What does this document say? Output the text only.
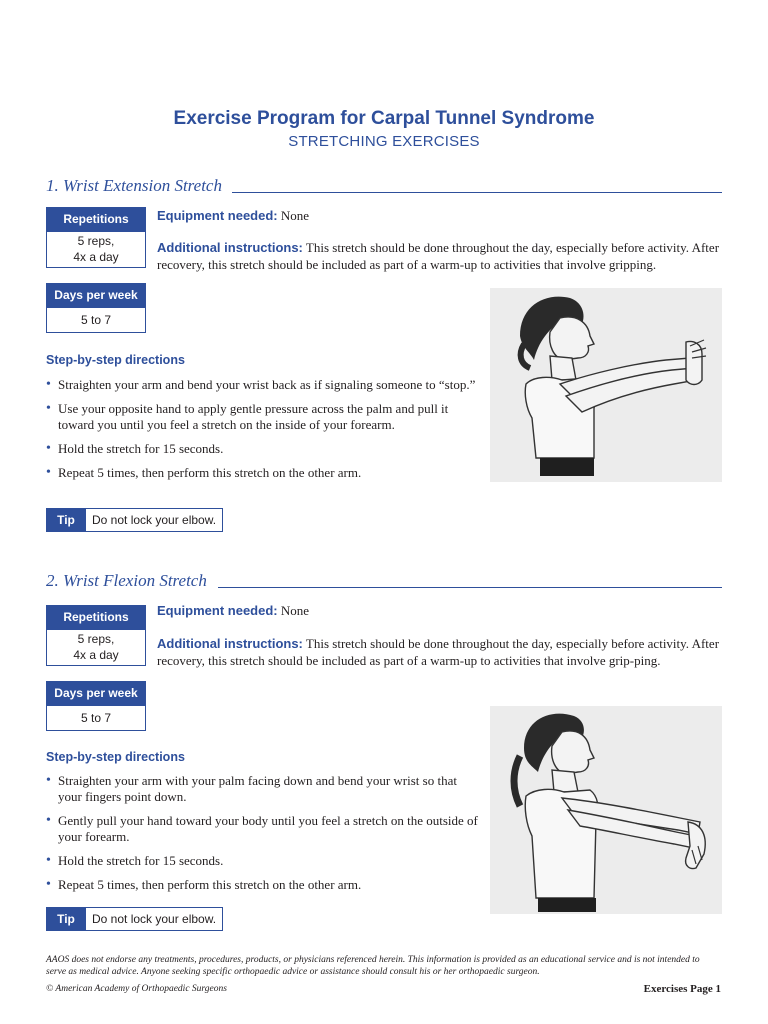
Exercise Program for Carpal Tunnel Syndrome
STRETCHING EXERCISES
1. Wrist Extension Stretch
Repetitions
5 reps,
4x a day
Days per week
5 to 7

Equipment needed: None

Additional instructions: This stretch should be done throughout the day, especially before activity. After recovery, this stretch should be included as part of a warm-up to activities that involve gripping.

Step-by-step directions
• Straighten your arm and bend your wrist back as if signaling someone to “stop.”
• Use your opposite hand to apply gentle pressure across the palm and pull it toward you until you feel a stretch on the inside of your forearm.
• Hold the stretch for 15 seconds.
• Repeat 5 times, then perform this stretch on the other arm.
Tip	Do not lock your elbow.
2. Wrist Flexion Stretch
Repetitions
5 reps,
4x a day
Days per week
5 to 7

Equipment needed: None

Additional instructions: This stretch should be done throughout the day, especially before activity. After recovery, this stretch should be included as part of a warm-up to activities that involve grip-ping.

Step-by-step directions
• Straighten your arm with your palm facing down and bend your wrist so that your fingers point down.
• Gently pull your hand toward your body until you feel a stretch on the outside of your forearm.
• Hold the stretch for 15 seconds.
• Repeat 5 times, then perform this stretch on the other arm.
Tip	Do not lock your elbow.
AAOS does not endorse any treatments, procedures, products, or physicians referenced herein. This information is provided as an educational service and is not intended to serve as medical advice. Anyone seeking specific orthopaedic advice or assistance should consult his or her orthopaedic surgeon.
© American Academy of Orthopaedic Surgeons	Exercises Page 1
